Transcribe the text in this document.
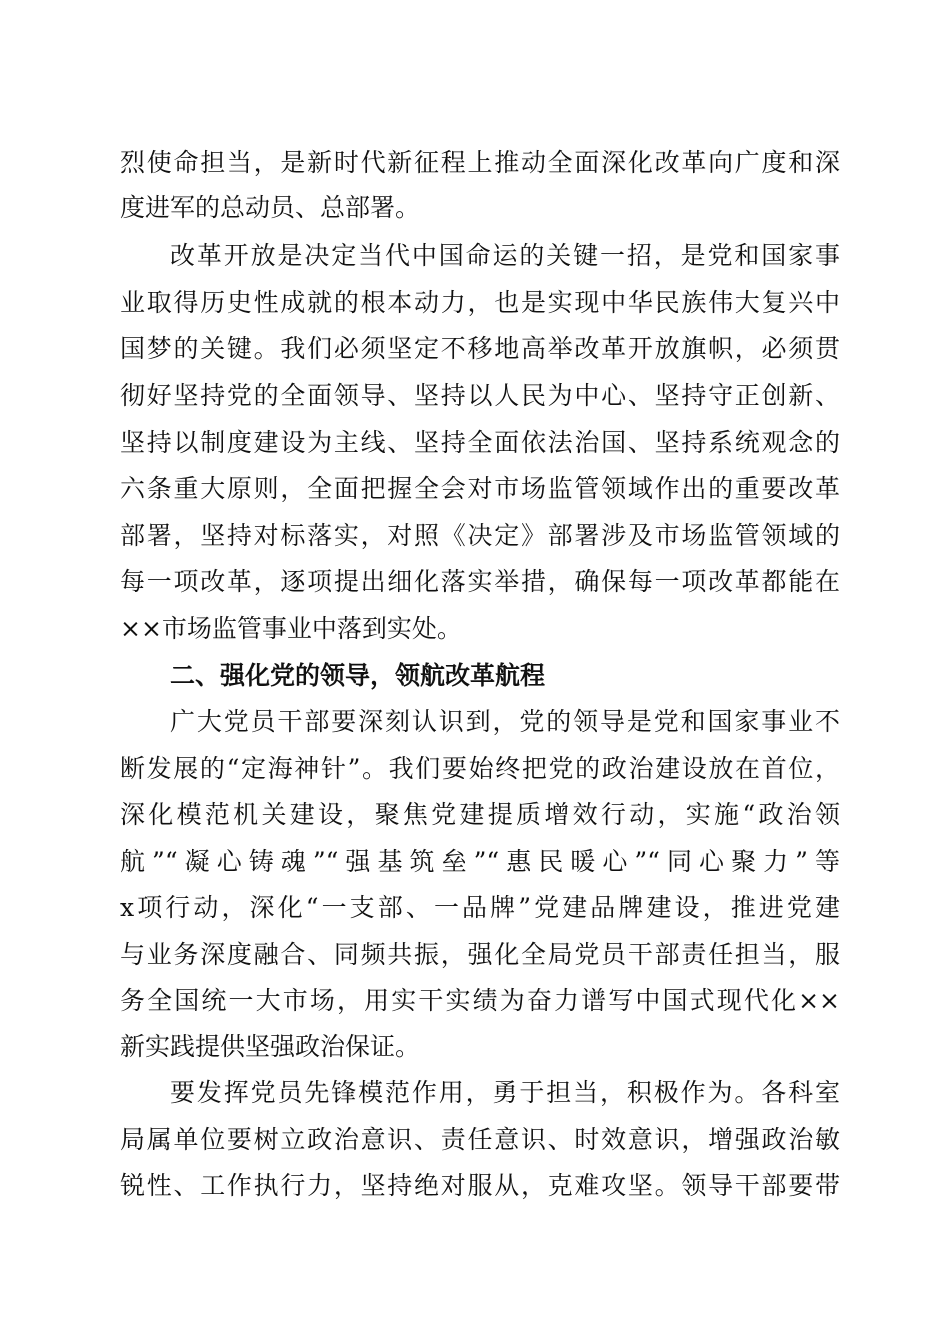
烈使命担当，是新时代新征程上推动全面深化改革向广度和深
度进军的总动员、总部署。
改革开放是决定当代中国命运的关键一招，是党和国家事
业取得历史性成就的根本动力，也是实现中华民族伟大复兴中
国梦的关键。我们必须坚定不移地高举改革开放旗帜，必须贯
彻好坚持党的全面领导、坚持以人民为中心、坚持守正创新、
坚持以制度建设为主线、坚持全面依法治国、坚持系统观念的
六条重大原则，全面把握全会对市场监管领域作出的重要改革
部署，坚持对标落实，对照《决定》部署涉及市场监管领域的
每一项改革，逐项提出细化落实举措，确保每一项改革都能在
××市场监管事业中落到实处。
二、强化党的领导，领航改革航程
广大党员干部要深刻认识到，党的领导是党和国家事业不
断发展的“定海神针”。我们要始终把党的政治建设放在首位，
深化模范机关建设，聚焦党建提质增效行动，实施“政治领
航”“凝心铸魂”“强基筑垒”“惠民暖心”“同心聚力”等
x项行动，深化“一支部、一品牌”党建品牌建设，推进党建
与业务深度融合、同频共振，强化全局党员干部责任担当，服
务全国统一大市场，用实干实绩为奋力谱写中国式现代化××
新实践提供坚强政治保证。
要发挥党员先锋模范作用，勇于担当，积极作为。各科室
局属单位要树立政治意识、责任意识、时效意识，增强政治敏
锐性、工作执行力，坚持绝对服从，克难攻坚。领导干部要带
